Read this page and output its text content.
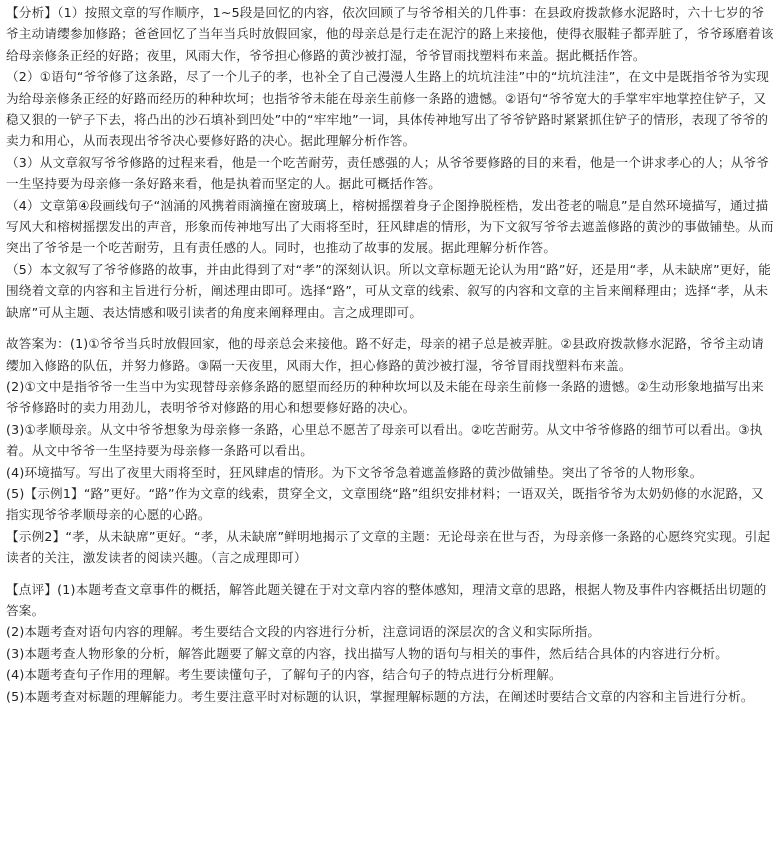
【分析】（1）按照文章的写作顺序，1~5段是回忆的内容，依次回顾了与爷爷相关的几件事：在县政府拨款修水泥路时，六十七岁的爷爷主动请缨参加修路；爸爸回忆了当年当兵时放假回家，他的母亲总是行走在泥泞的路上来接他，使得衣服鞋子都弄脏了，爷爷琢磨着该给母亲修条正经的好路；夜里，风雨大作，爷爷担心修路的黄沙被打湿，爷爷冒雨找塑料布来盖。据此概括作答。

（2）①语句“爷爷修了这条路，尽了一个儿子的孝，也补全了自己漫漫人生路上的坑坑洼洼”中的“坑坑洼洼”，在文中是既指爷爷为实现为给母亲修条正经的好路而经历的种种坎坷；也指爷爷未能在母亲生前修一条路的遗憾。②语句“爷爷宽大的手掌牢牢地掌控住铲子，又稳又狠的一铲子下去，将凸出的沙石填补到凹处”中的“牢牢地”一词，具体传神地写出了爷爷铲路时紧紧抓住铲子的情形，表现了爷爷的卖力和用心，从而表现出爷爷决心要修好路的决心。据此理解分析作答。

（3）从文章叙写爷爷修路的过程来看，他是一个吃苦耐劳，责任感强的人；从爷爷要修路的目的来看，他是一个讲求孝心的人；从爷爷一生坚持要为母亲修一条好路来看，他是执着而坚定的人。据此可概括作答。

（4）文章第④段画线句子“汹涌的风携着雨滴撞在窗玻璃上，榕树摇摆着身子企图挣脱桎梏，发出苍老的喘息”是自然环境描写，通过描写风大和榕树摇摆发出的声音，形象而传神地写出了大雨将至时，狂风肆虐的情形，为下文叙写爷爷去遮盖修路的黄沙的事做铺垫。从而突出了爷爷是一个吃苦耐劳，且有责任感的人。同时，也推动了故事的发展。据此理解分析作答。

（5）本文叙写了爷爷修路的故事，并由此得到了对“孝”的深刻认识。所以文章标题无论认为用“路”好，还是用“孝，从未缺席”更好，能围绕着文章的内容和主旨进行分析，阐述理由即可。选择“路”，可从文章的线索、叙写的内容和文章的主旨来阐释理由；选择“孝，从未缺席”可从主题、表达情感和吸引读者的角度来阐释理由。言之成理即可。

故答案为：(1)①爷爷当兵时放假回家，他的母亲总会来接他。路不好走，母亲的裙子总是被弄脏。②县政府拨款修水泥路，爷爷主动请缨加入修路的队伍，并努力修路。③隔一天夜里，风雨大作，担心修路的黄沙被打湿，爷爷冒雨找塑料布来盖。

(2)①文中是指爷爷一生当中为实现替母亲修条路的愿望而经历的种种坎坷以及未能在母亲生前修一条路的遗憾。②生动形象地描写出来爷爷修路时的卖力用劲儿，表明爷爷对修路的用心和想要修好路的决心。

(3)①孝顺母亲。从文中爷爷想象为母亲修一条路，心里总不愿苦了母亲可以看出。②吃苦耐劳。从文中爷爷修路的细节可以看出。③执着。从文中爷爷一生坚持要为母亲修一条路可以看出。

(4)环境描写。写出了夜里大雨将至时，狂风肆虐的情形。为下文爷爷急着遮盖修路的黄沙做铺垫。突出了爷爷的人物形象。

(5)【示例1】“路”更好。“路”作为文章的线索，贯穿全文，文章围绕“路”组织安排材料；一语双关，既指爷爷为太奶奶修的水泥路，又指实现爷爷孝顺母亲的心愿的心路。

【示例2】“孝，从未缺席”更好。“孝，从未缺席”鲜明地揭示了文章的主题：无论母亲在世与否，为母亲修一条路的心愿终究实现。引起读者的关注，激发读者的阅读兴趣。（言之成理即可）

【点评】(1)本题考查文章事件的概括，解答此题关键在于对文章内容的整体感知，理清文章的思路，根据人物及事件内容概括出切题的答案。

(2)本题考查对语句内容的理解。考生要结合文段的内容进行分析，注意词语的深层次的含义和实际所指。

(3)本题考查人物形象的分析，解答此题要了解文章的内容，找出描写人物的语句与相关的事件，然后结合具体的内容进行分析。

(4)本题考查句子作用的理解。考生要读懂句子，了解句子的内容，结合句子的特点进行分析理解。

(5)本题考查对标题的理解能力。考生要注意平时对标题的认识，掌握理解标题的方法，在阐述时要结合文章的内容和主旨进行分析。
